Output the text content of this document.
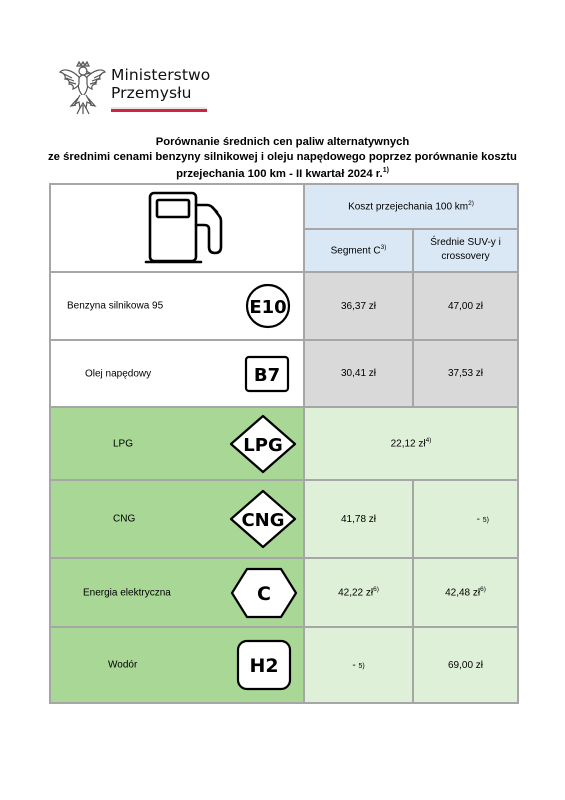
Ministerstwo
Przemysłu
Porównanie średnich cen paliw alternatywnych
ze średnimi cenami benzyny silnikowej i oleju napędowego poprzez porównanie kosztu
przejechania 100 km - II kwartał 2024 r.$^{1)}$
	Koszt przejechania 100 $km^{2)}$
	Segment $C^{3)}$	Średnie SUV-y i crossovery

Benzyna silnikowa 95 E10	36,37 zł	47,00 zł

Olej napędowy B7	30,41 zł	37,53 zł

LPG LPG	22,12 $zł^{4)}$

CNG CNG	41,78 zł	- 5)

Energia elektryczna C	42,22 $zł^{6)}$	42,48 $zł^{6)}$

Wodór H2	- 5)	69,00 zł
